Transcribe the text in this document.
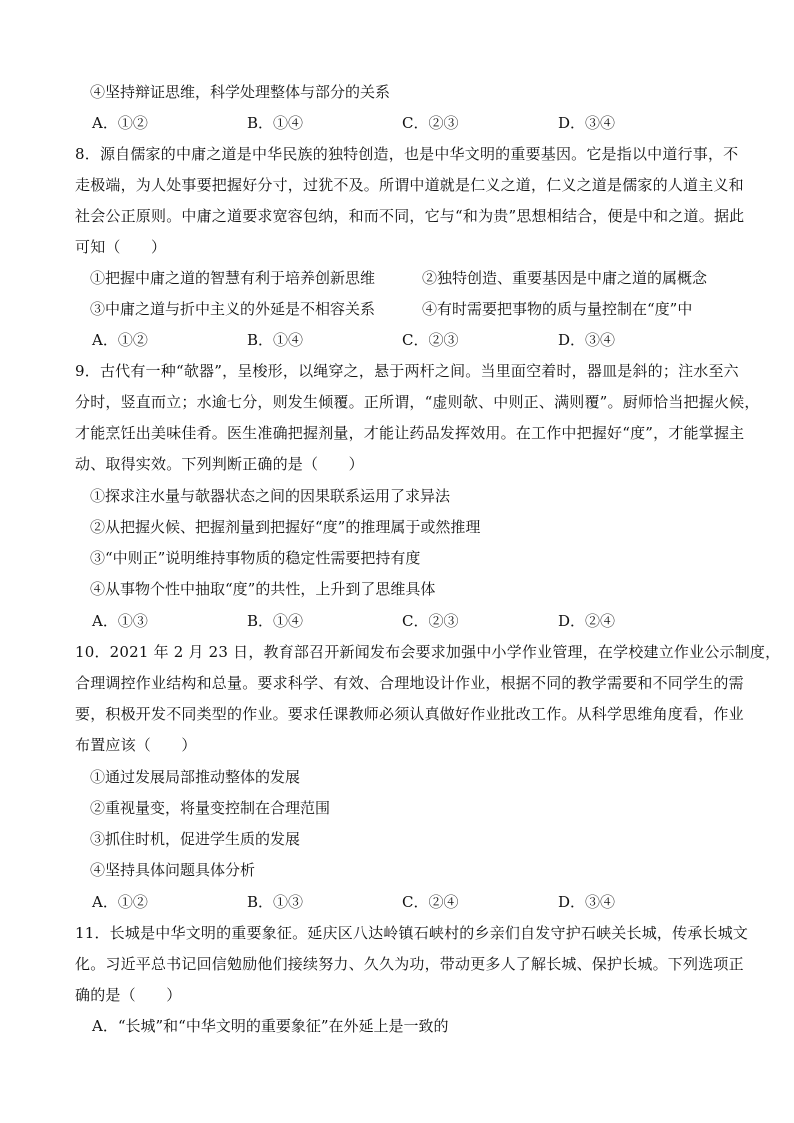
④坚持辩证思维，科学处理整体与部分的关系
A．①②	B．①④	C．②③	D．③④
8．源自儒家的中庸之道是中华民族的独特创造，也是中华文明的重要基因。它是指以中道行事，不
走极端，为人处事要把握好分寸，过犹不及。所谓中道就是仁义之道，仁义之道是儒家的人道主义和
社会公正原则。中庸之道要求宽容包纳，和而不同，它与“和为贵”思想相结合，便是中和之道。据此
可知（　　）
①把握中庸之道的智慧有利于培养创新思维	②独特创造、重要基因是中庸之道的属概念
③中庸之道与折中主义的外延是不相容关系	④有时需要把事物的质与量控制在“度”中
A．①②	B．①④	C．②③	D．③④
9．古代有一种“欹器”，呈梭形，以绳穿之，悬于两杆之间。当里面空着时，器皿是斜的；注水至六
分时，竖直而立；水逾七分，则发生倾覆。正所谓，“虚则欹、中则正、满则覆”。厨师恰当把握火候，
才能烹饪出美味佳肴。医生准确把握剂量，才能让药品发挥效用。在工作中把握好“度”，才能掌握主
动、取得实效。下列判断正确的是（　　）
①探求注水量与欹器状态之间的因果联系运用了求异法
②从把握火候、把握剂量到把握好“度”的推理属于或然推理
③“中则正”说明维持事物质的稳定性需要把持有度
④从事物个性中抽取“度”的共性，上升到了思维具体
A．①③	B．①④	C．②③	D．②④
10．2021 年 2 月 23 日，教育部召开新闻发布会要求加强中小学作业管理，在学校建立作业公示制度，
合理调控作业结构和总量。要求科学、有效、合理地设计作业，根据不同的教学需要和不同学生的需
要，积极开发不同类型的作业。要求任课教师必须认真做好作业批改工作。从科学思维角度看，作业
布置应该（　　）
①通过发展局部推动整体的发展
②重视量变，将量变控制在合理范围
③抓住时机，促进学生质的发展
④坚持具体问题具体分析
A．①②	B．①③	C．②④	D．③④
11．长城是中华文明的重要象征。延庆区八达岭镇石峡村的乡亲们自发守护石峡关长城，传承长城文
化。习近平总书记回信勉励他们接续努力、久久为功，带动更多人了解长城、保护长城。下列选项正
确的是（　　）
A．“长城”和“中华文明的重要象征”在外延上是一致的
